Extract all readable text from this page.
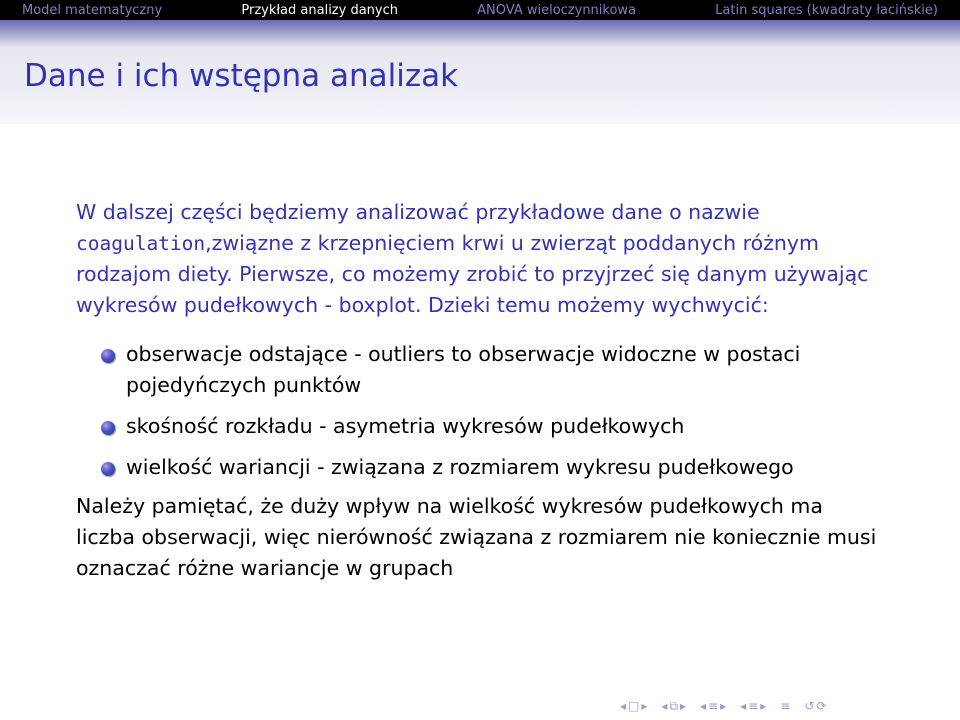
Model matematyczny	Przykład analizy danych	ANOVA wieloczynnikowa	Latin squares (kwadraty łacińskie)
Dane i ich wstępna analizak

W dalszej części będziemy analizować przykładowe dane o nazwie coagulation,związne z krzepnięciem krwi u zwierząt poddanych różnym rodzajom diety. Pierwsze, co możemy zrobić to przyjrzeć się danym używając wykresów pudełkowych - boxplot. Dzieki temu możemy wychwycić:

obserwacje odstające - outliers to obserwacje widoczne w postaci pojedyńczych punktów
skośność rozkładu - asymetria wykresów pudełkowych
wielkość wariancji - związana z rozmiarem wykresu pudełkowego

Należy pamiętać, że duży wpływ na wielkość wykresów pudełkowych ma liczba obserwacji, więc nierówność związana z rozmiarem nie koniecznie musi oznaczać różne wariancje w grupach

◂ □ ▸ ◂ ⧉ ▸ ◂ ≡ ▸ ◂ ≡ ▸ ≡ ↺ ⟳
